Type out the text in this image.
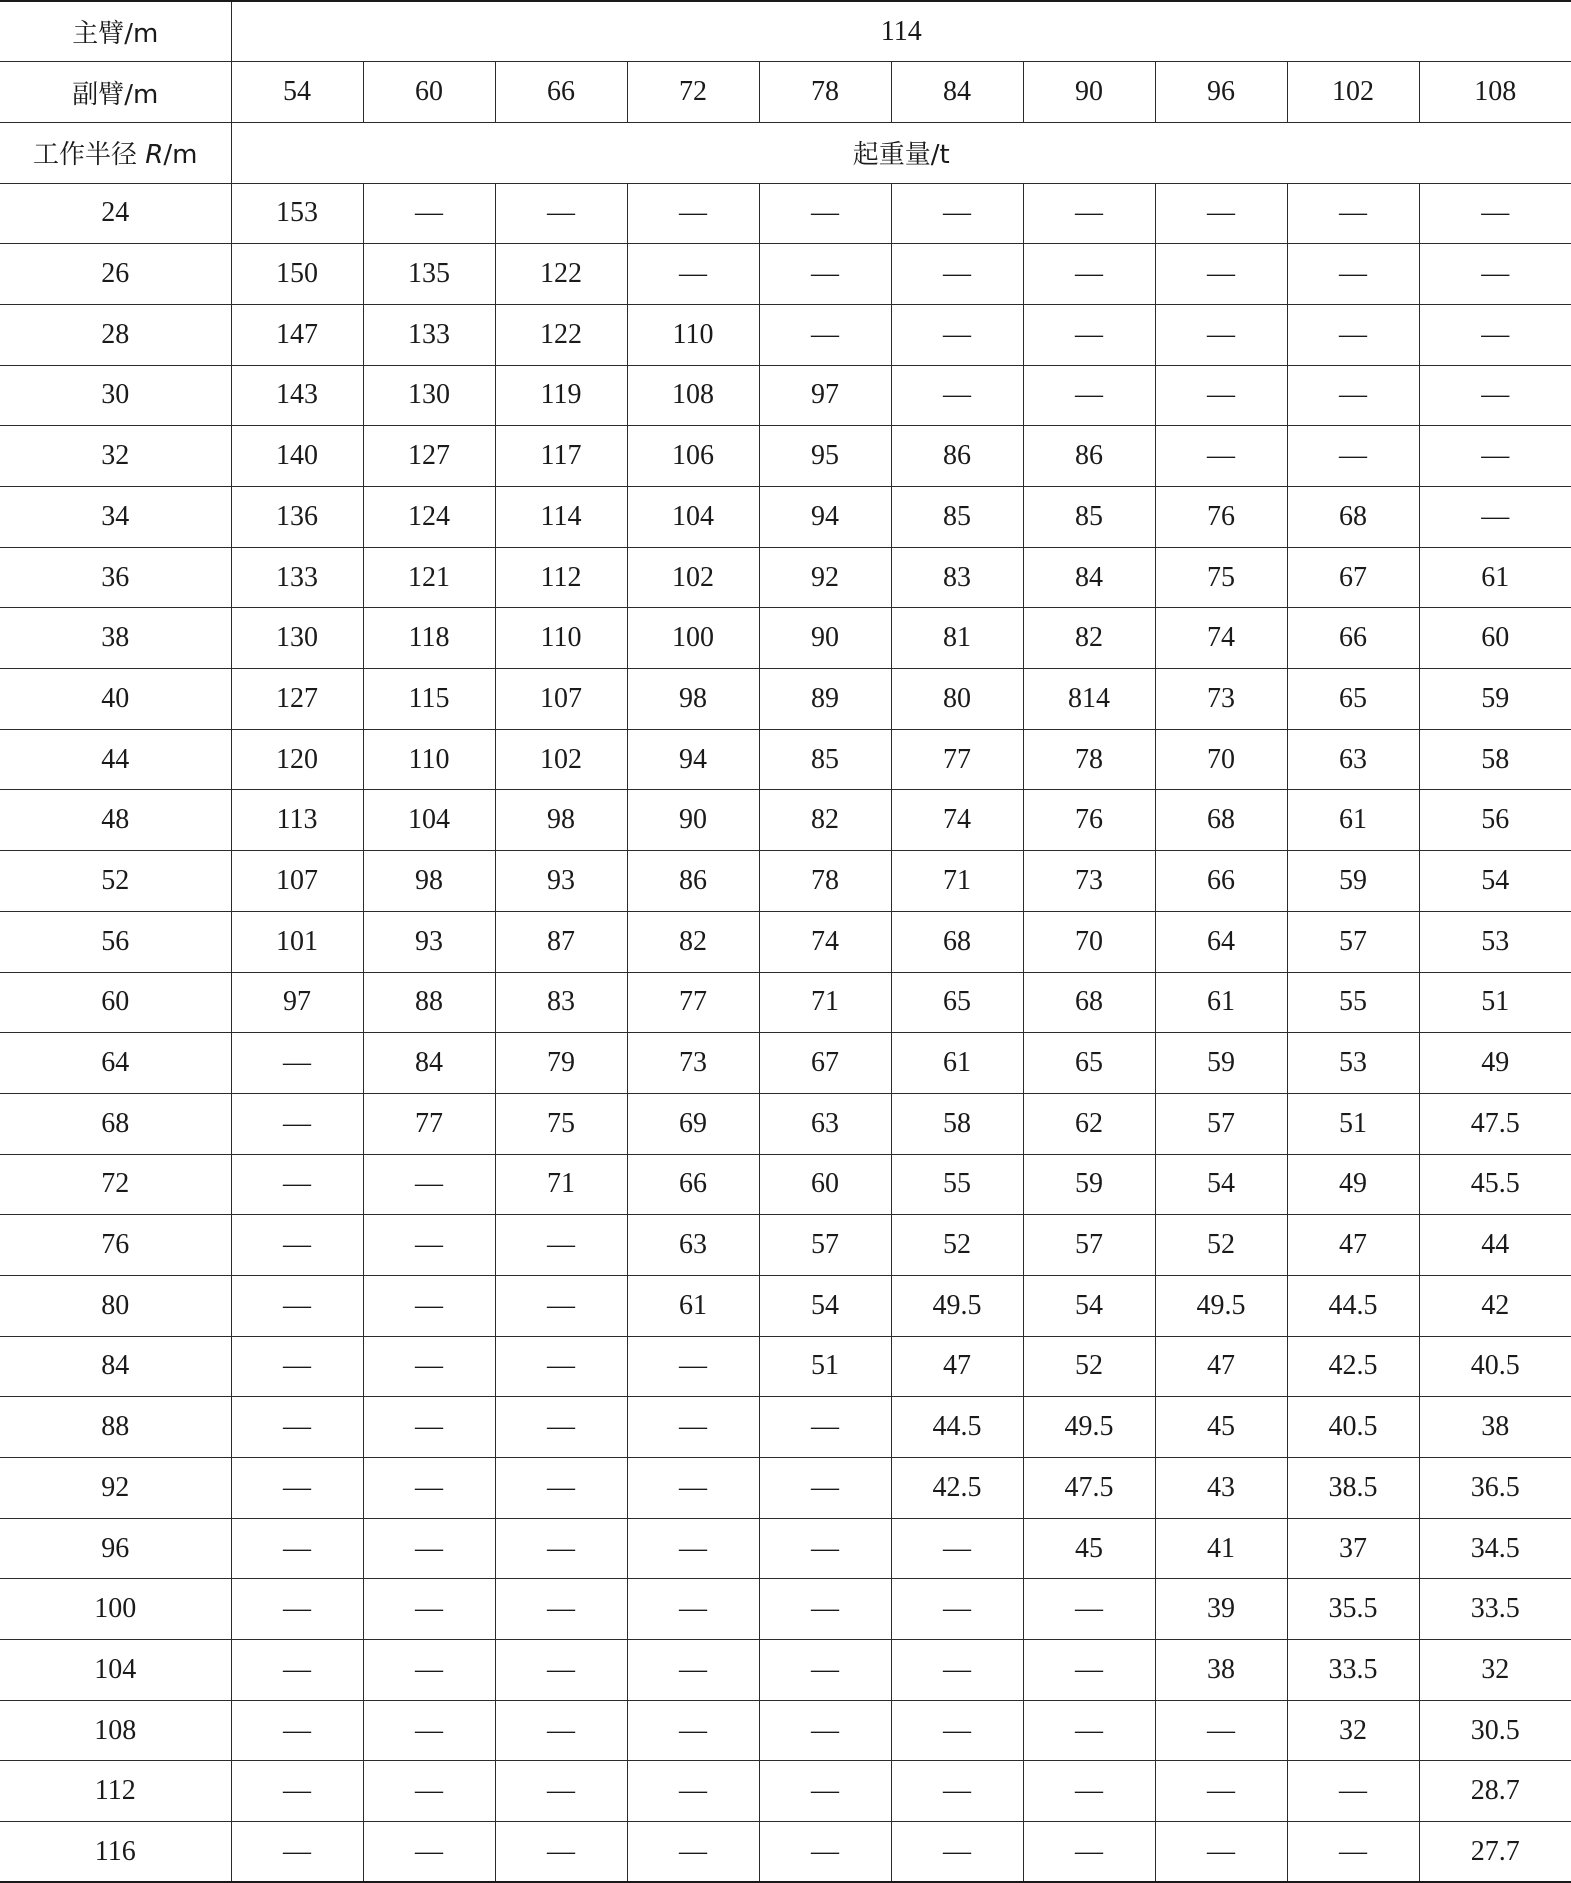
主臂/m	114									
副臂/m	54	60	66	72	78	84	90	96	102	108
工作半径 R/m	起重量/t									
24	153	—	—	—	—	—	—	—	—	—
26	150	135	122	—	—	—	—	—	—	—
28	147	133	122	110	—	—	—	—	—	—
30	143	130	119	108	97	—	—	—	—	—
32	140	127	117	106	95	86	86	—	—	—
34	136	124	114	104	94	85	85	76	68	—
36	133	121	112	102	92	83	84	75	67	61
38	130	118	110	100	90	81	82	74	66	60
40	127	115	107	98	89	80	814	73	65	59
44	120	110	102	94	85	77	78	70	63	58
48	113	104	98	90	82	74	76	68	61	56
52	107	98	93	86	78	71	73	66	59	54
56	101	93	87	82	74	68	70	64	57	53
60	97	88	83	77	71	65	68	61	55	51
64	—	84	79	73	67	61	65	59	53	49
68	—	77	75	69	63	58	62	57	51	47.5
72	—	—	71	66	60	55	59	54	49	45.5
76	—	—	—	63	57	52	57	52	47	44
80	—	—	—	61	54	49.5	54	49.5	44.5	42
84	—	—	—	—	51	47	52	47	42.5	40.5
88	—	—	—	—	—	44.5	49.5	45	40.5	38
92	—	—	—	—	—	42.5	47.5	43	38.5	36.5
96	—	—	—	—	—	—	45	41	37	34.5
100	—	—	—	—	—	—	—	39	35.5	33.5
104	—	—	—	—	—	—	—	38	33.5	32
108	—	—	—	—	—	—	—	—	32	30.5
112	—	—	—	—	—	—	—	—	—	28.7
116	—	—	—	—	—	—	—	—	—	27.7
